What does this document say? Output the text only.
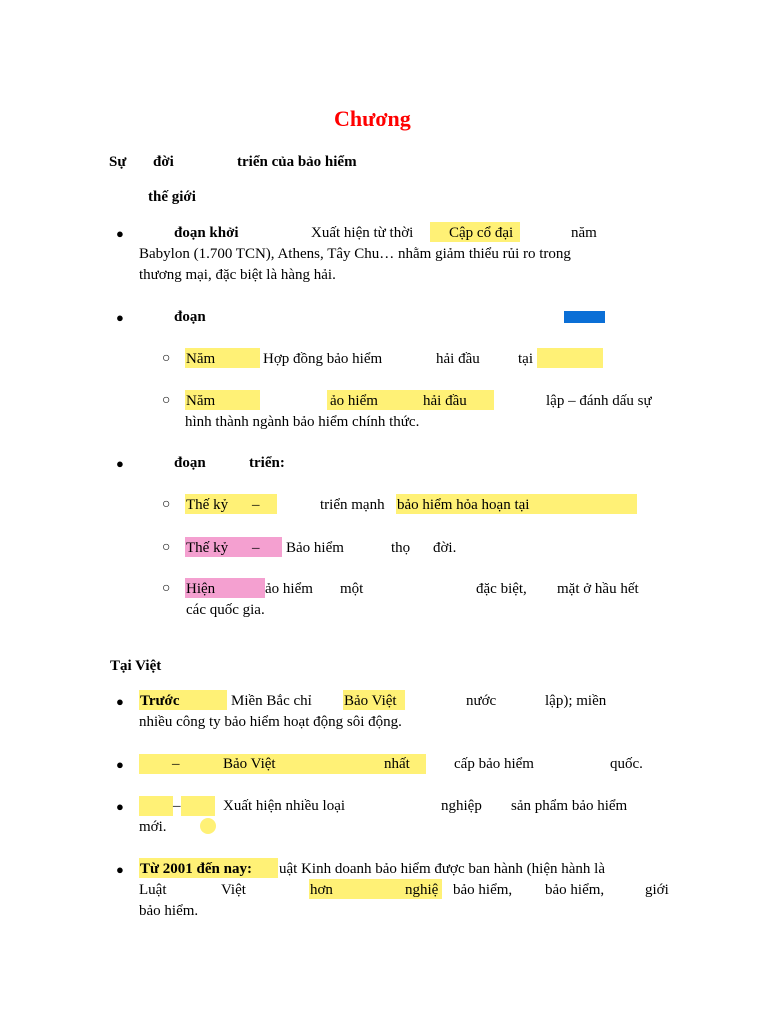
Chương
Sự đời	triển của bảo hiểm
thế giới
●	đoạn khởi	Xuất hiện từ thời Cập cổ đại	năm
Babylon (1.700 TCN), Athens, Tây Chu… nhằm giảm thiểu rủi ro trong
thương mại, đặc biệt là hàng hải.
●	đoạn
○ Năm	Hợp đồng bảo hiểm	hải đầu	tại
○ Năm	ảo hiểm	hải đầu	lập – đánh dấu sự
hình thành ngành bảo hiểm chính thức.
●	đoạn	triển:
○ Thế kỷ –	triển mạnh bảo hiểm hỏa hoạn tại
○ Thế kỷ – Bảo hiểm	thọ đời.
○ Hiện	ảo hiểm một	đặc biệt, mặt ở hầu hết
các quốc gia.
Tại Việt
● Trước	Miền Bắc chỉ Bảo Việt	nước	lập); miền
nhiều công ty bảo hiểm hoạt động sôi động.
●	–	Bảo Việt	nhất	cấp bảo hiểm	quốc.
●	–	Xuất hiện nhiều loại	nghiệp sản phẩm bảo hiểm
mới.
● Từ 2001 đến nay: uật Kinh doanh bảo hiểm được ban hành (hiện hành là
Luật	Việt	hơn	nghiệ bảo hiểm, bảo hiểm,	giới
bảo hiểm.
